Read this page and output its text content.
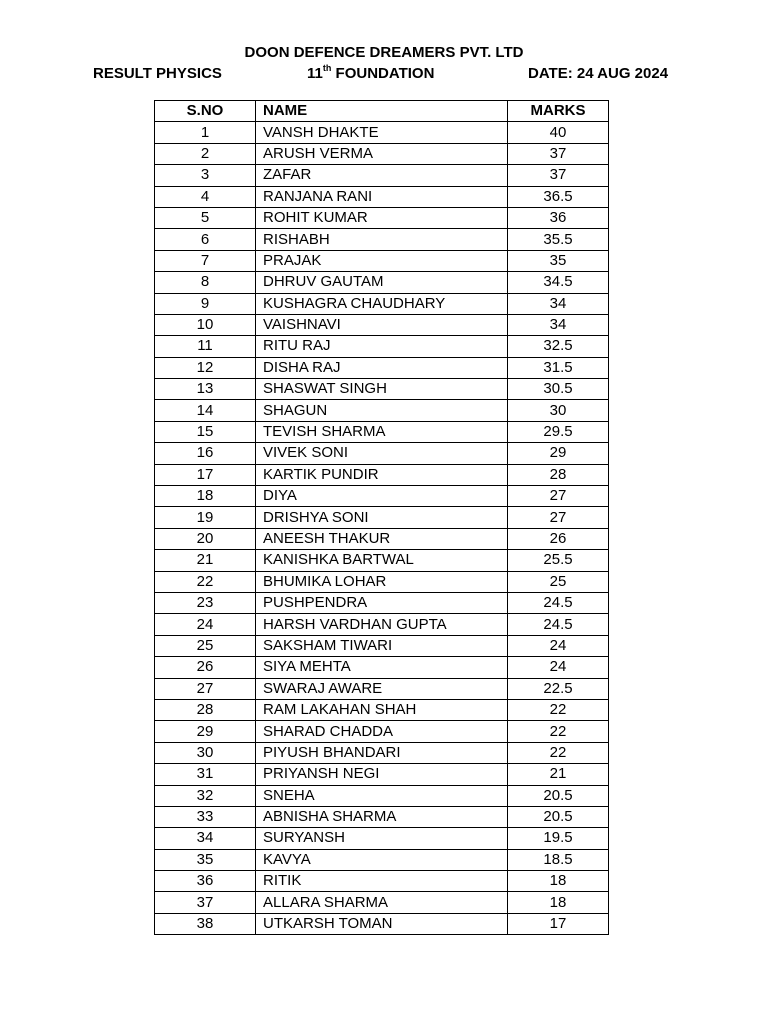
DOON DEFENCE DREAMERS PVT. LTD
RESULT PHYSICS	11th FOUNDATION	DATE: 24 AUG 2024
S.NO	NAME	MARKS
1	VANSH DHAKTE	40
2	ARUSH VERMA	37
3	ZAFAR	37
4	RANJANA RANI	36.5
5	ROHIT KUMAR	36
6	RISHABH	35.5
7	PRAJAK	35
8	DHRUV GAUTAM	34.5
9	KUSHAGRA CHAUDHARY	34
10	VAISHNAVI	34
11	RITU RAJ	32.5
12	DISHA RAJ	31.5
13	SHASWAT SINGH	30.5
14	SHAGUN	30
15	TEVISH SHARMA	29.5
16	VIVEK SONI	29
17	KARTIK PUNDIR	28
18	DIYA	27
19	DRISHYA SONI	27
20	ANEESH THAKUR	26
21	KANISHKA BARTWAL	25.5
22	BHUMIKA LOHAR	25
23	PUSHPENDRA	24.5
24	HARSH VARDHAN GUPTA	24.5
25	SAKSHAM TIWARI	24
26	SIYA MEHTA	24
27	SWARAJ AWARE	22.5
28	RAM LAKAHAN SHAH	22
29	SHARAD CHADDA	22
30	PIYUSH BHANDARI	22
31	PRIYANSH NEGI	21
32	SNEHA	20.5
33	ABNISHA SHARMA	20.5
34	SURYANSH	19.5
35	KAVYA	18.5
36	RITIK	18
37	ALLARA SHARMA	18
38	UTKARSH TOMAN	17
